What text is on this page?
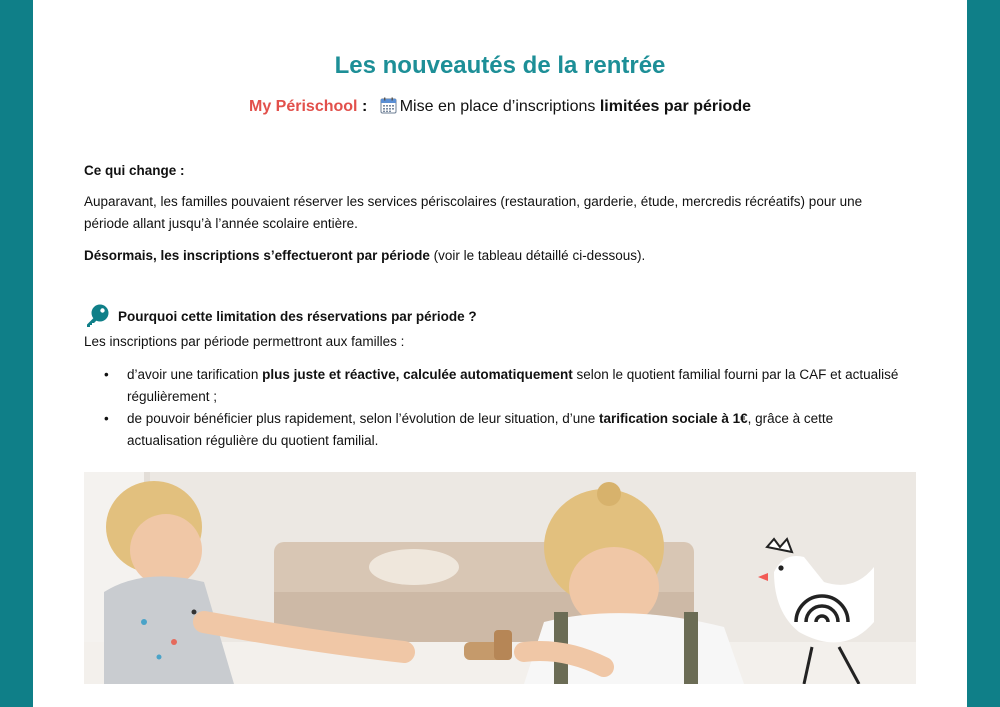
Les nouveautés de la rentrée
My Périschool : Mise en place d’inscriptions limitées par période

Ce qui change :

Auparavant, les familles pouvaient réserver les services périscolaires (restauration, garderie, étude, mercredis récréatifs) pour une période allant jusqu’à l’année scolaire entière.

Désormais, les inscriptions s’effectueront par période (voir le tableau détaillé ci-dessous).

Pourquoi cette limitation des réservations par période ?

Les inscriptions par période permettront aux familles :

• d’avoir une tarification plus juste et réactive, calculée automatiquement selon le quotient familial fourni par la CAF et actualisé régulièrement ;
• de pouvoir bénéficier plus rapidement, selon l’évolution de leur situation, d’une tarification sociale à 1€, grâce à cette actualisation régulière du quotient familial.
